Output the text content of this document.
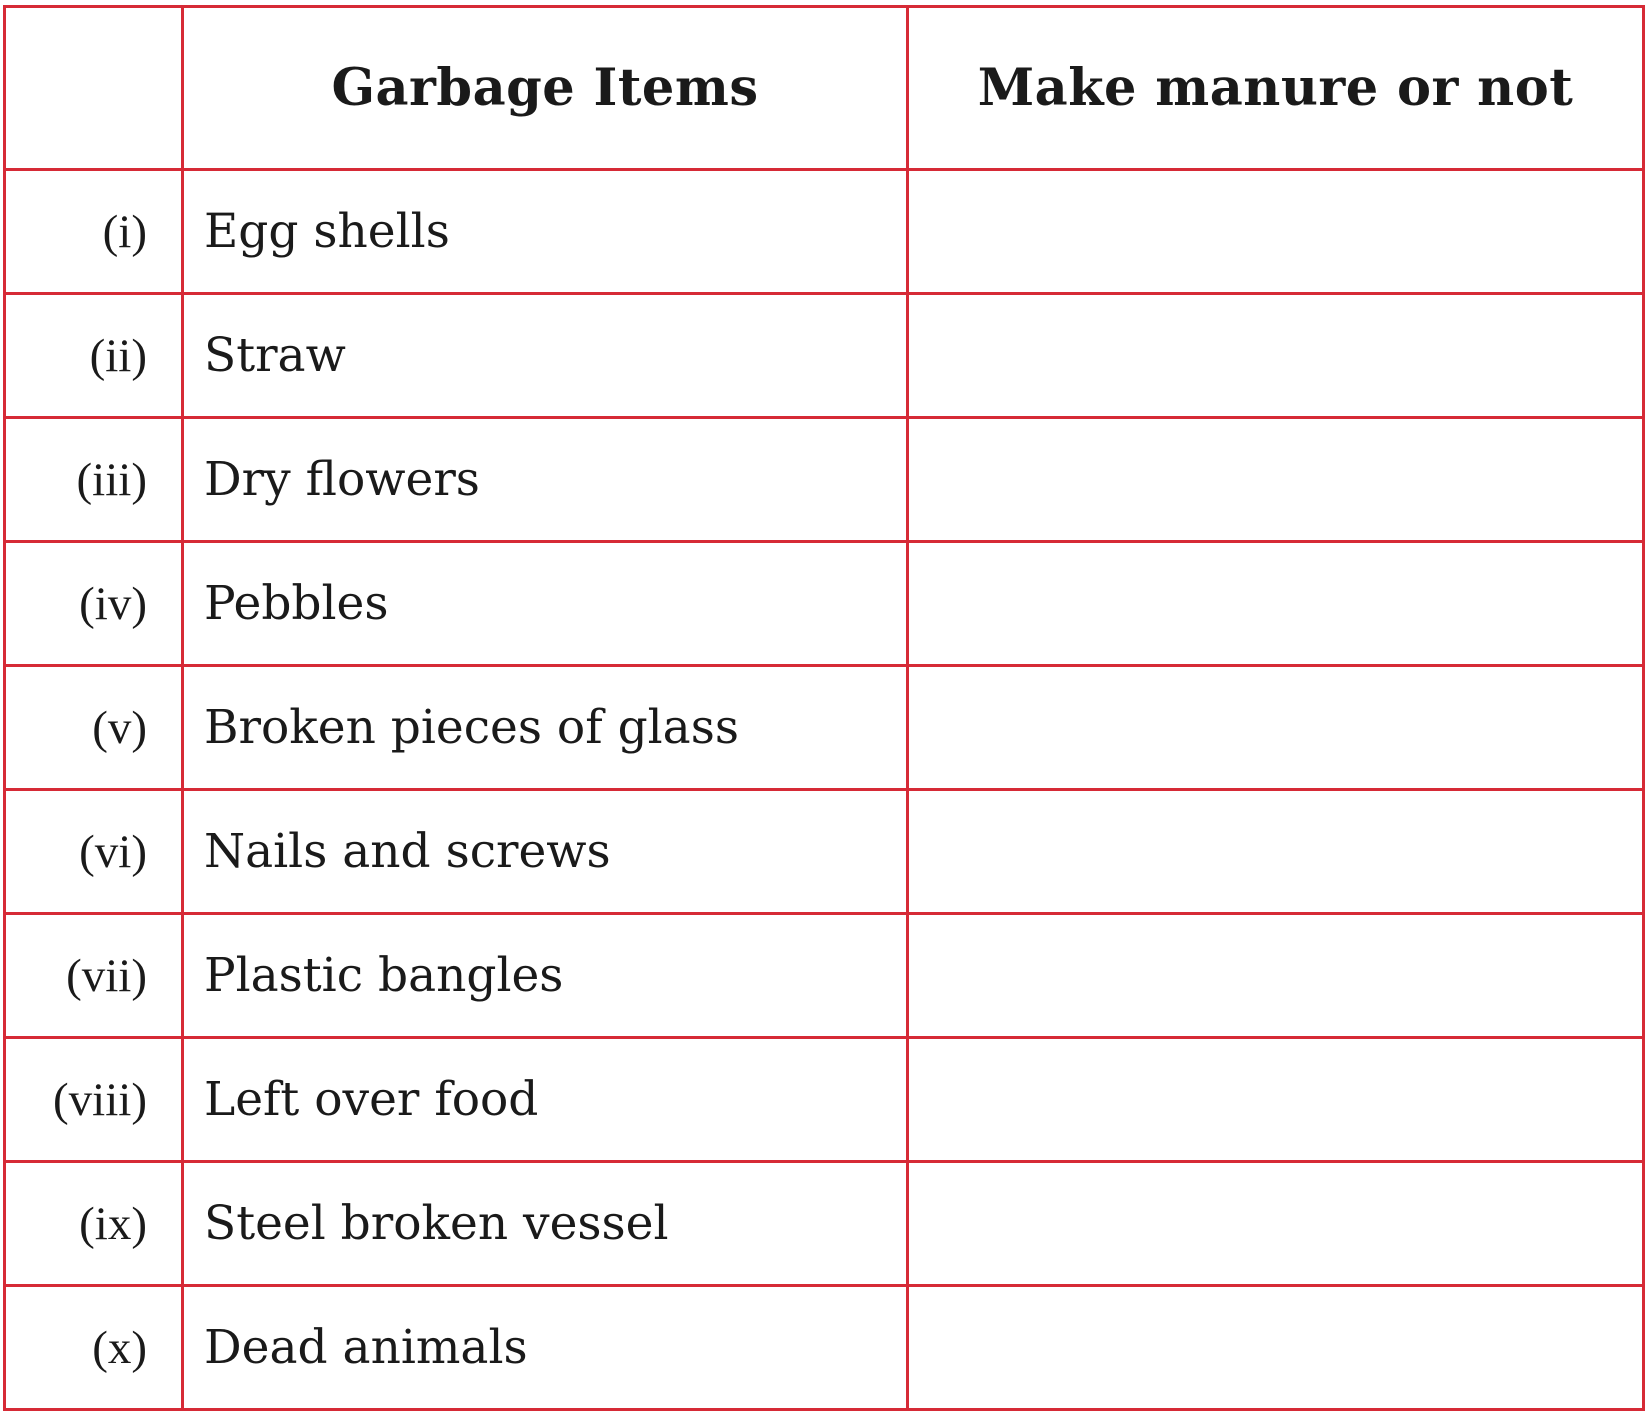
	Garbage Items	Make manure or not
(i)	Egg shells	
(ii)	Straw	
(iii)	Dry flowers	
(iv)	Pebbles	
(v)	Broken pieces of glass	
(vi)	Nails and screws	
(vii)	Plastic bangles	
(viii)	Left over food	
(ix)	Steel broken vessel	
(x)	Dead animals	
